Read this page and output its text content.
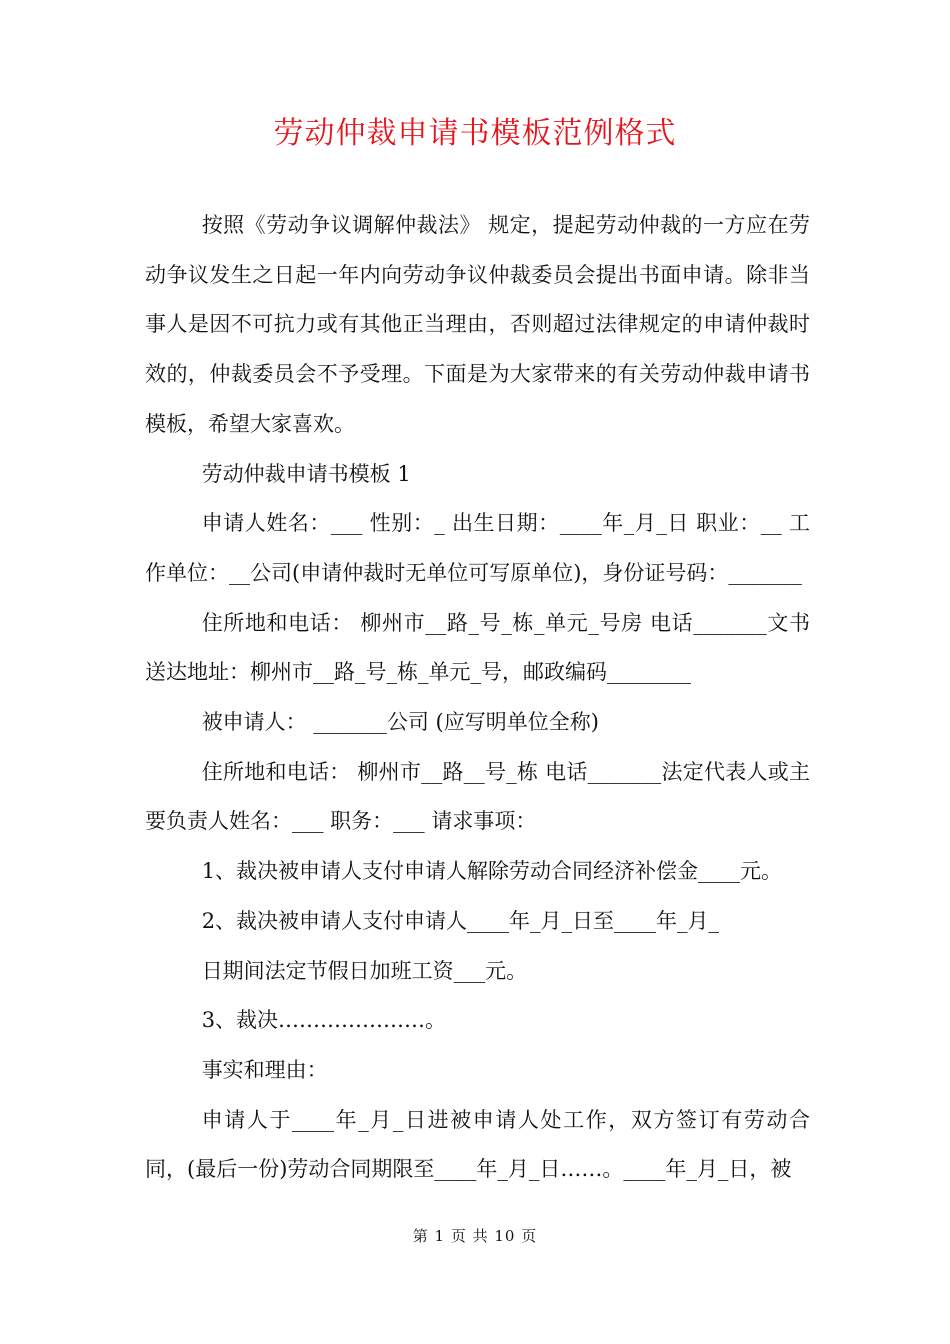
劳动仲裁申请书模板范例格式

按照《劳动争议调解仲裁法》 规定，提起劳动仲裁的一方应在劳动争议发生之日起一年内向劳动争议仲裁委员会提出书面申请。除非当事人是因不可抗力或有其他正当理由，否则超过法律规定的申请仲裁时效的，仲裁委员会不予受理。下面是为大家带来的有关劳动仲裁申请书模板，希望大家喜欢。

劳动仲裁申请书模板 1

申请人姓名：___ 性别：_ 出生日期：____年_月_日 职业：__ 工作单位：__公司(申请仲裁时无单位可写原单位)，身份证号码：_______

住所地和电话： 柳州市__路_号_栋_单元_号房 电话_______文书送达地址：柳州市__路_号_栋_单元_号，邮政编码________

被申请人： _______公司 (应写明单位全称)

住所地和电话： 柳州市__路__号_栋 电话_______法定代表人或主要负责人姓名：___ 职务：___ 请求事项：

1、裁决被申请人支付申请人解除劳动合同经济补偿金____元。

2、裁决被申请人支付申请人____年_月_日至____年_月_

日期间法定节假日加班工资___元。

3、裁决…………………。

事实和理由：

申请人于____年_月_日进被申请人处工作，双方签订有劳动合同，(最后一份)劳动合同期限至____年_月_日……。____年_月_日，被

第 1 页 共 10 页
